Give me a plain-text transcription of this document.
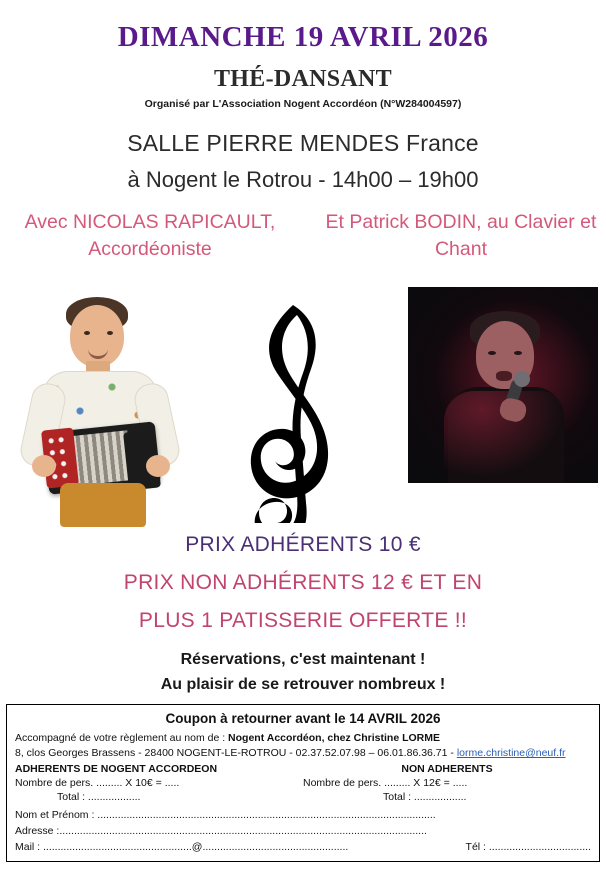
DIMANCHE 19 AVRIL 2026
THÉ-DANSANT
Organisé par L'Association Nogent Accordéon (N°W284004597)
SALLE PIERRE MENDES France
à Nogent le Rotrou - 14h00 – 19h00
Avec NICOLAS RAPICAULT, Accordéoniste
Et Patrick BODIN, au Clavier et Chant
PRIX ADHÉRENTS 10 €
PRIX NON ADHÉRENTS 12 € ET EN
PLUS 1 PATISSERIE OFFERTE !!
Réservations, c'est maintenant !
Au plaisir de se retrouver nombreux !
Coupon à retourner avant le 14 AVRIL 2026
Accompagné de votre règlement au nom de : Nogent Accordéon, chez Christine LORME
8, clos Georges Brassens - 28400 NOGENT-LE-ROTROU - 02.37.52.07.98 – 06.01.86.36.71 - lorme.christine@neuf.fr
ADHERENTS DE NOGENT ACCORDEON
Nombre de pers. ......... X 10€ = .....
Total : ..................
NON ADHERENTS
Nombre de pers. ......... X 12€ = .....
Total : ..................
Nom et Prénom : ....................................................................................................................
Adresse :..............................................................................................................................
Mail : ...................................................@..................................................	Tél : ...................................
